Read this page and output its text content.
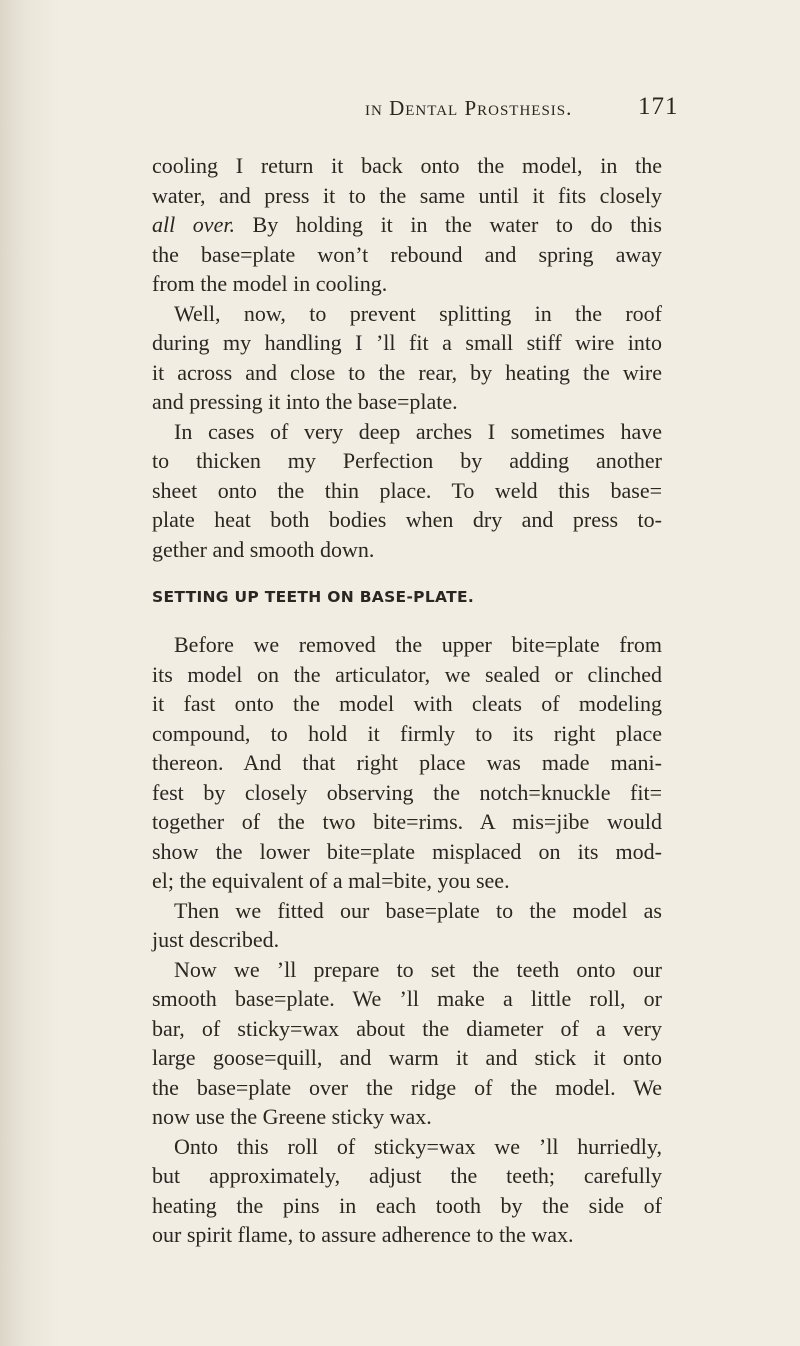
in Dental Prosthesis.	171
cooling I return it back onto the model, in the
water, and press it to the same until it fits closely
all over. By holding it in the water to do this
the base=plate won’t rebound and spring away
from the model in cooling.
Well, now, to prevent splitting in the roof
during my handling I ’ll fit a small stiff wire into
it across and close to the rear, by heating the wire
and pressing it into the base=plate.
In cases of very deep arches I sometimes have
to thicken my Perfection by adding another
sheet onto the thin place. To weld this base=
plate heat both bodies when dry and press to-
gether and smooth down.
SETTING UP TEETH ON BASE-PLATE.
Before we removed the upper bite=plate from
its model on the articulator, we sealed or clinched
it fast onto the model with cleats of modeling
compound, to hold it firmly to its right place
thereon. And that right place was made mani-
fest by closely observing the notch=knuckle fit=
together of the two bite=rims. A mis=jibe would
show the lower bite=plate misplaced on its mod-
el; the equivalent of a mal=bite, you see.
Then we fitted our base=plate to the model as
just described.
Now we ’ll prepare to set the teeth onto our
smooth base=plate. We ’ll make a little roll, or
bar, of sticky=wax about the diameter of a very
large goose=quill, and warm it and stick it onto
the base=plate over the ridge of the model. We
now use the Greene sticky wax.
Onto this roll of sticky=wax we ’ll hurriedly,
but approximately, adjust the teeth; carefully
heating the pins in each tooth by the side of
our spirit flame, to assure adherence to the wax.
